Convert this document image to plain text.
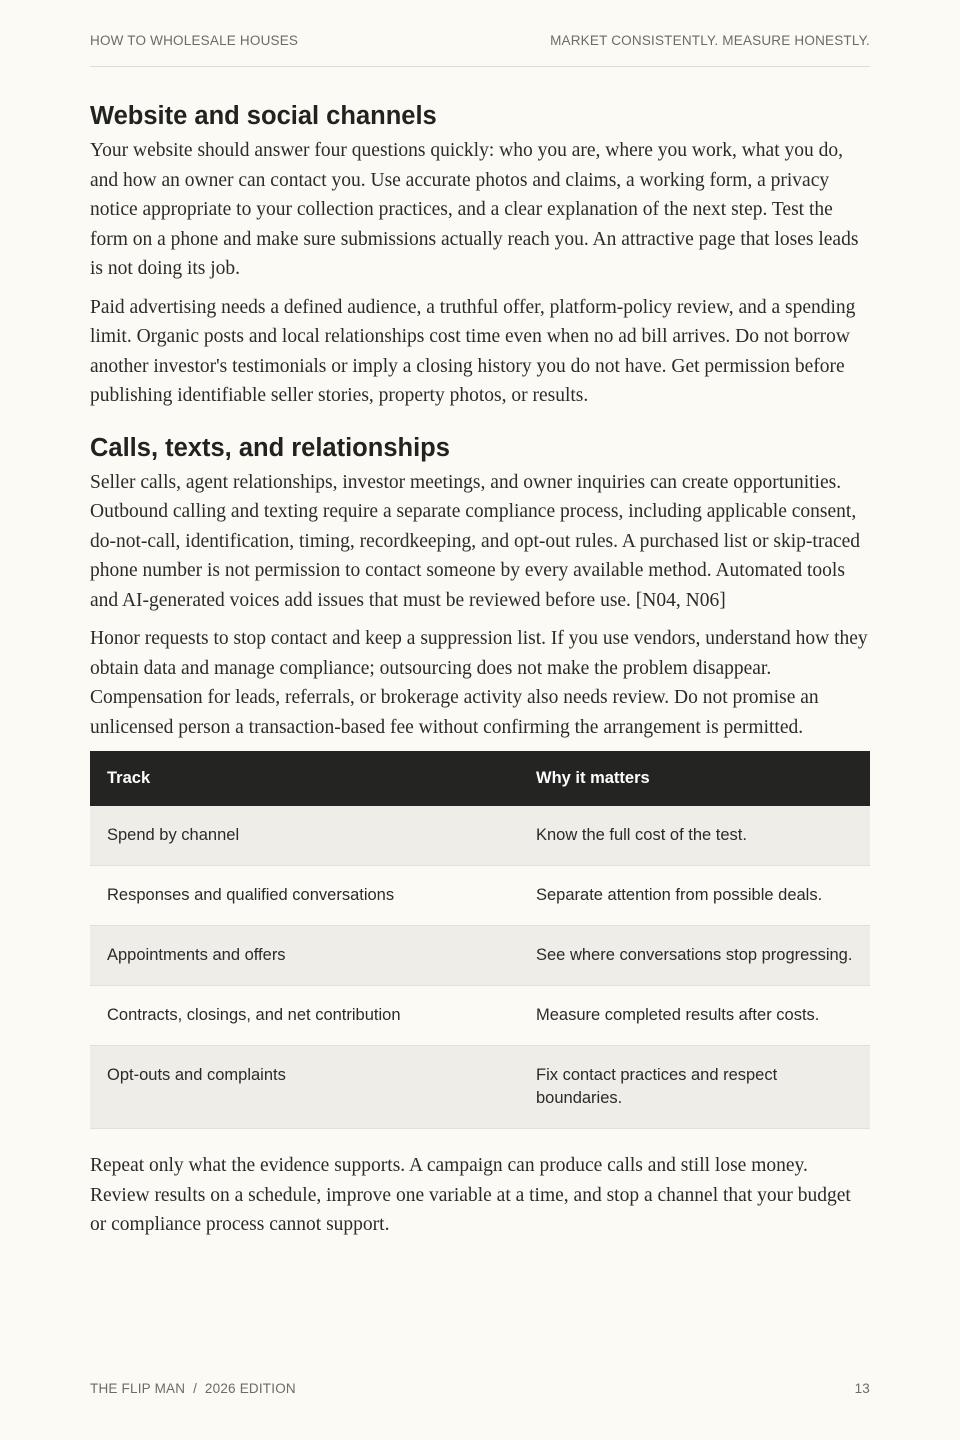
HOW TO WHOLESALE HOUSES	MARKET CONSISTENTLY. MEASURE HONESTLY.
Website and social channels

Your website should answer four questions quickly: who you are, where you work, what you do, and how an owner can contact you. Use accurate photos and claims, a working form, a privacy notice appropriate to your collection practices, and a clear explanation of the next step. Test the form on a phone and make sure submissions actually reach you. An attractive page that loses leads is not doing its job.

Paid advertising needs a defined audience, a truthful offer, platform-policy review, and a spending limit. Organic posts and local relationships cost time even when no ad bill arrives. Do not borrow another investor's testimonials or imply a closing history you do not have. Get permission before publishing identifiable seller stories, property photos, or results.

Calls, texts, and relationships

Seller calls, agent relationships, investor meetings, and owner inquiries can create opportunities. Outbound calling and texting require a separate compliance process, including applicable consent, do-not-call, identification, timing, recordkeeping, and opt-out rules. A purchased list or skip-traced phone number is not permission to contact someone by every available method. Automated tools and AI-generated voices add issues that must be reviewed before use. [N04, N06]

Honor requests to stop contact and keep a suppression list. If you use vendors, understand how they obtain data and manage compliance; outsourcing does not make the problem disappear. Compensation for leads, referrals, or brokerage activity also needs review. Do not promise an unlicensed person a transaction-based fee without confirming the arrangement is permitted.

Track	Why it matters
Spend by channel	Know the full cost of the test.
Responses and qualified conversations	Separate attention from possible deals.
Appointments and offers	See where conversations stop progressing.
Contracts, closings, and net contribution	Measure completed results after costs.
Opt-outs and complaints	Fix contact practices and respect boundaries.

Repeat only what the evidence supports. A campaign can produce calls and still lose money. Review results on a schedule, improve one variable at a time, and stop a channel that your budget or compliance process cannot support.

THE FLIP MAN  /  2026 EDITION	13
